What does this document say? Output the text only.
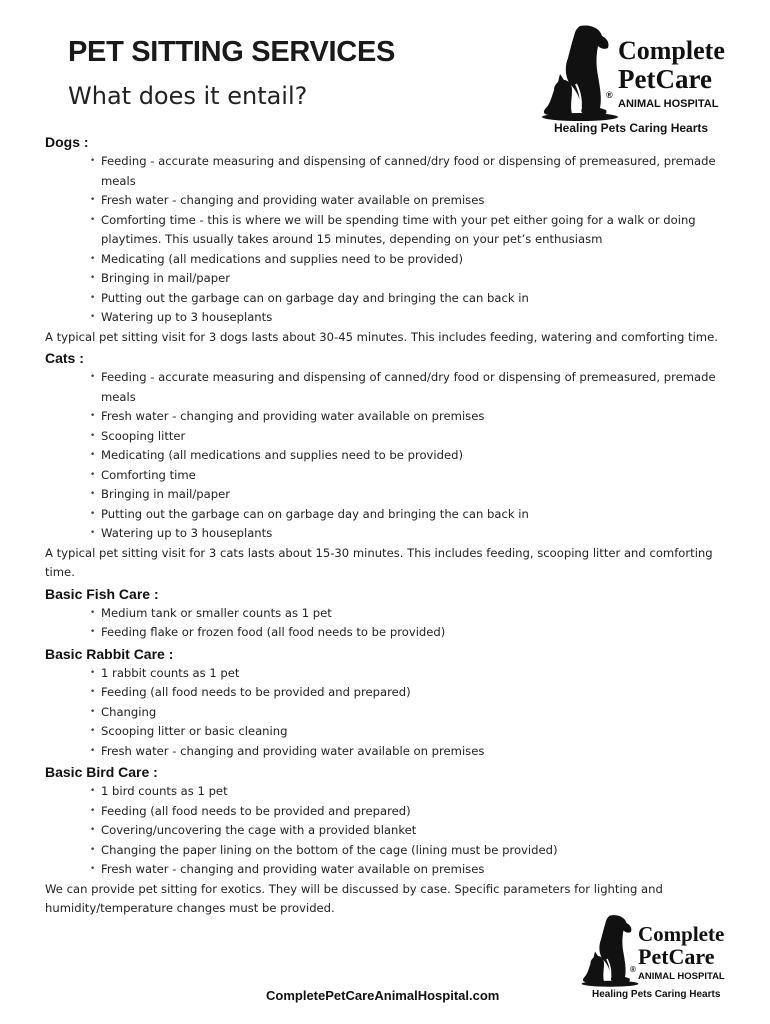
PET SITTING SERVICES
What does it entail?
Complete
PetCare
®
ANIMAL HOSPITAL
Healing Pets Caring Hearts
Dogs :
• Feeding - accurate measuring and dispensing of canned/dry food or dispensing of premeasured, premade meals
• Fresh water - changing and providing water available on premises
• Comforting time - this is where we will be spending time with your pet either going for a walk or doing playtimes. This usually takes around 15 minutes, depending on your pet’s enthusiasm
• Medicating (all medications and supplies need to be provided)
• Bringing in mail/paper
• Putting out the garbage can on garbage day and bringing the can back in
• Watering up to 3 houseplants

A typical pet sitting visit for 3 dogs lasts about 30-45 minutes. This includes feeding, watering and comforting time.

Cats :
• Feeding - accurate measuring and dispensing of canned/dry food or dispensing of premeasured, premade meals
• Fresh water - changing and providing water available on premises
• Scooping litter
• Medicating (all medications and supplies need to be provided)
• Comforting time
• Bringing in mail/paper
• Putting out the garbage can on garbage day and bringing the can back in
• Watering up to 3 houseplants

A typical pet sitting visit for 3 cats lasts about 15-30 minutes. This includes feeding, scooping litter and comforting time.

Basic Fish Care :
• Medium tank or smaller counts as 1 pet
• Feeding flake or frozen food (all food needs to be provided)
Basic Rabbit Care :
• 1 rabbit counts as 1 pet
• Feeding (all food needs to be provided and prepared)
• Changing
• Scooping litter or basic cleaning
• Fresh water - changing and providing water available on premises
Basic Bird Care :
• 1 bird counts as 1 pet
• Feeding (all food needs to be provided and prepared)
• Covering/uncovering the cage with a provided blanket
• Changing the paper lining on the bottom of the cage (lining must be provided)
• Fresh water - changing and providing water available on premises

We can provide pet sitting for exotics. They will be discussed by case. Specific parameters for lighting and humidity/temperature changes must be provided.

CompletePetCareAnimalHospital.com
Complete
PetCare
®
ANIMAL HOSPITAL
Healing Pets Caring Hearts
